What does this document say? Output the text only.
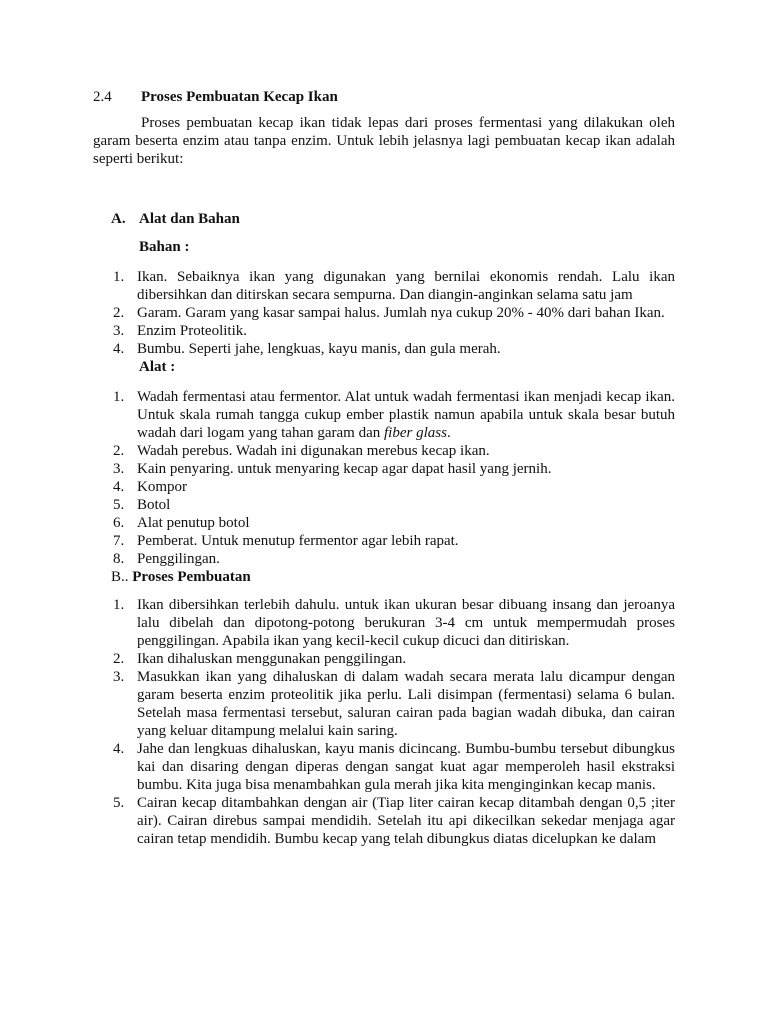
2.4	Proses Pembuatan Kecap Ikan

Proses pembuatan kecap ikan tidak lepas dari proses fermentasi yang dilakukan oleh garam beserta enzim atau tanpa enzim. Untuk lebih jelasnya lagi pembuatan kecap ikan adalah seperti berikut:

A. Alat dan Bahan
Bahan :
1. Ikan. Sebaiknya ikan yang digunakan yang bernilai ekonomis rendah. Lalu ikan dibersihkan dan ditirskan secara sempurna. Dan diangin-anginkan selama satu jam
2. Garam. Garam yang kasar sampai halus. Jumlah nya cukup 20% - 40% dari bahan Ikan.
3. Enzim Proteolitik.
4. Bumbu. Seperti jahe, lengkuas, kayu manis, dan gula merah.
Alat :
1. Wadah fermentasi atau fermentor. Alat untuk wadah fermentasi ikan menjadi kecap ikan. Untuk skala rumah tangga cukup ember plastik namun apabila untuk skala besar butuh wadah dari logam yang tahan garam dan fiber glass.
2. Wadah perebus. Wadah ini digunakan merebus kecap ikan.
3. Kain penyaring. untuk menyaring kecap agar dapat hasil yang jernih.
4. Kompor
5. Botol
6. Alat penutup botol
7. Pemberat. Untuk menutup fermentor agar lebih rapat.
8. Penggilingan.
B.. Proses Pembuatan
1. Ikan dibersihkan terlebih dahulu. untuk ikan ukuran besar dibuang insang dan jeroanya lalu dibelah dan dipotong-potong berukuran 3-4 cm untuk mempermudah proses penggilingan. Apabila ikan yang kecil-kecil cukup dicuci dan ditiriskan.
2. Ikan dihaluskan menggunakan penggilingan.
3. Masukkan ikan yang dihaluskan di dalam wadah secara merata lalu dicampur dengan garam beserta enzim proteolitik jika perlu. Lali disimpan (fermentasi) selama 6 bulan. Setelah masa fermentasi tersebut, saluran cairan pada bagian wadah dibuka, dan cairan yang keluar ditampung melalui kain saring.
4. Jahe dan lengkuas dihaluskan, kayu manis dicincang. Bumbu-bumbu tersebut dibungkus kai dan disaring dengan diperas dengan sangat kuat agar memperoleh hasil ekstraksi bumbu. Kita juga bisa menambahkan gula merah jika kita menginginkan kecap manis.
5. Cairan kecap ditambahkan dengan air (Tiap liter cairan kecap ditambah dengan 0,5 ;iter air). Cairan direbus sampai mendidih. Setelah itu api dikecilkan sekedar menjaga agar cairan tetap mendidih. Bumbu kecap yang telah dibungkus diatas dicelupkan ke dalam
